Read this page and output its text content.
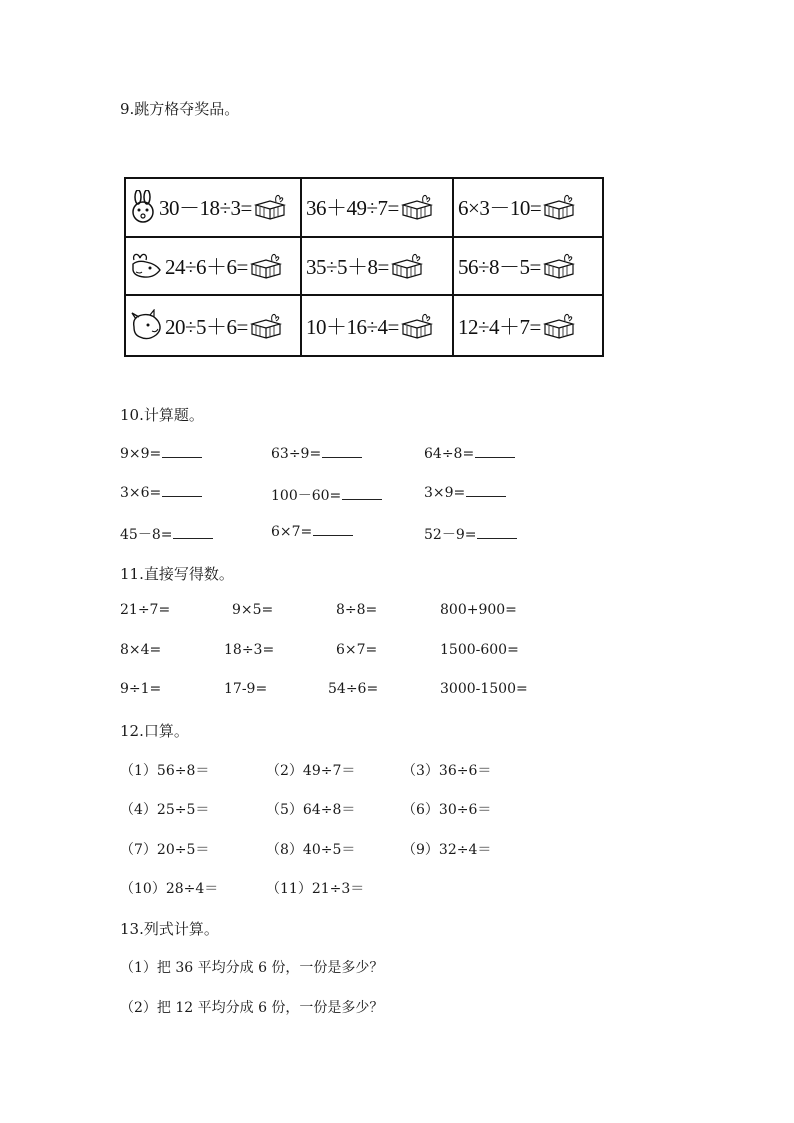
9.跳方格夺奖品。
30－18÷3=	36＋49÷7=	6×3－10=
24÷6＋6=	35÷5＋8=	56÷8－5=
20÷5＋6=	10＋16÷4=	12÷4＋7=
10.计算题。
9×9=	63÷9=	64÷8=
3×6=	100－60=	3×9=
45－8=	6×7=	52－9=
11.直接写得数。
21÷7=	9×5=	8÷8=	800+900=
8×4=	18÷3=	6×7=	1500-600=
9÷1=	17-9=	54÷6=	3000-1500=
12.口算。
（1）56÷8＝	（2）49÷7＝	（3）36÷6＝
（4）25÷5＝	（5）64÷8＝	（6）30÷6＝
（7）20÷5＝	（8）40÷5＝	（9）32÷4＝
（10）28÷4＝	（11）21÷3＝
13.列式计算。
（1）把 36 平均分成 6 份，一份是多少？
（2）把 12 平均分成 6 份，一份是多少？
